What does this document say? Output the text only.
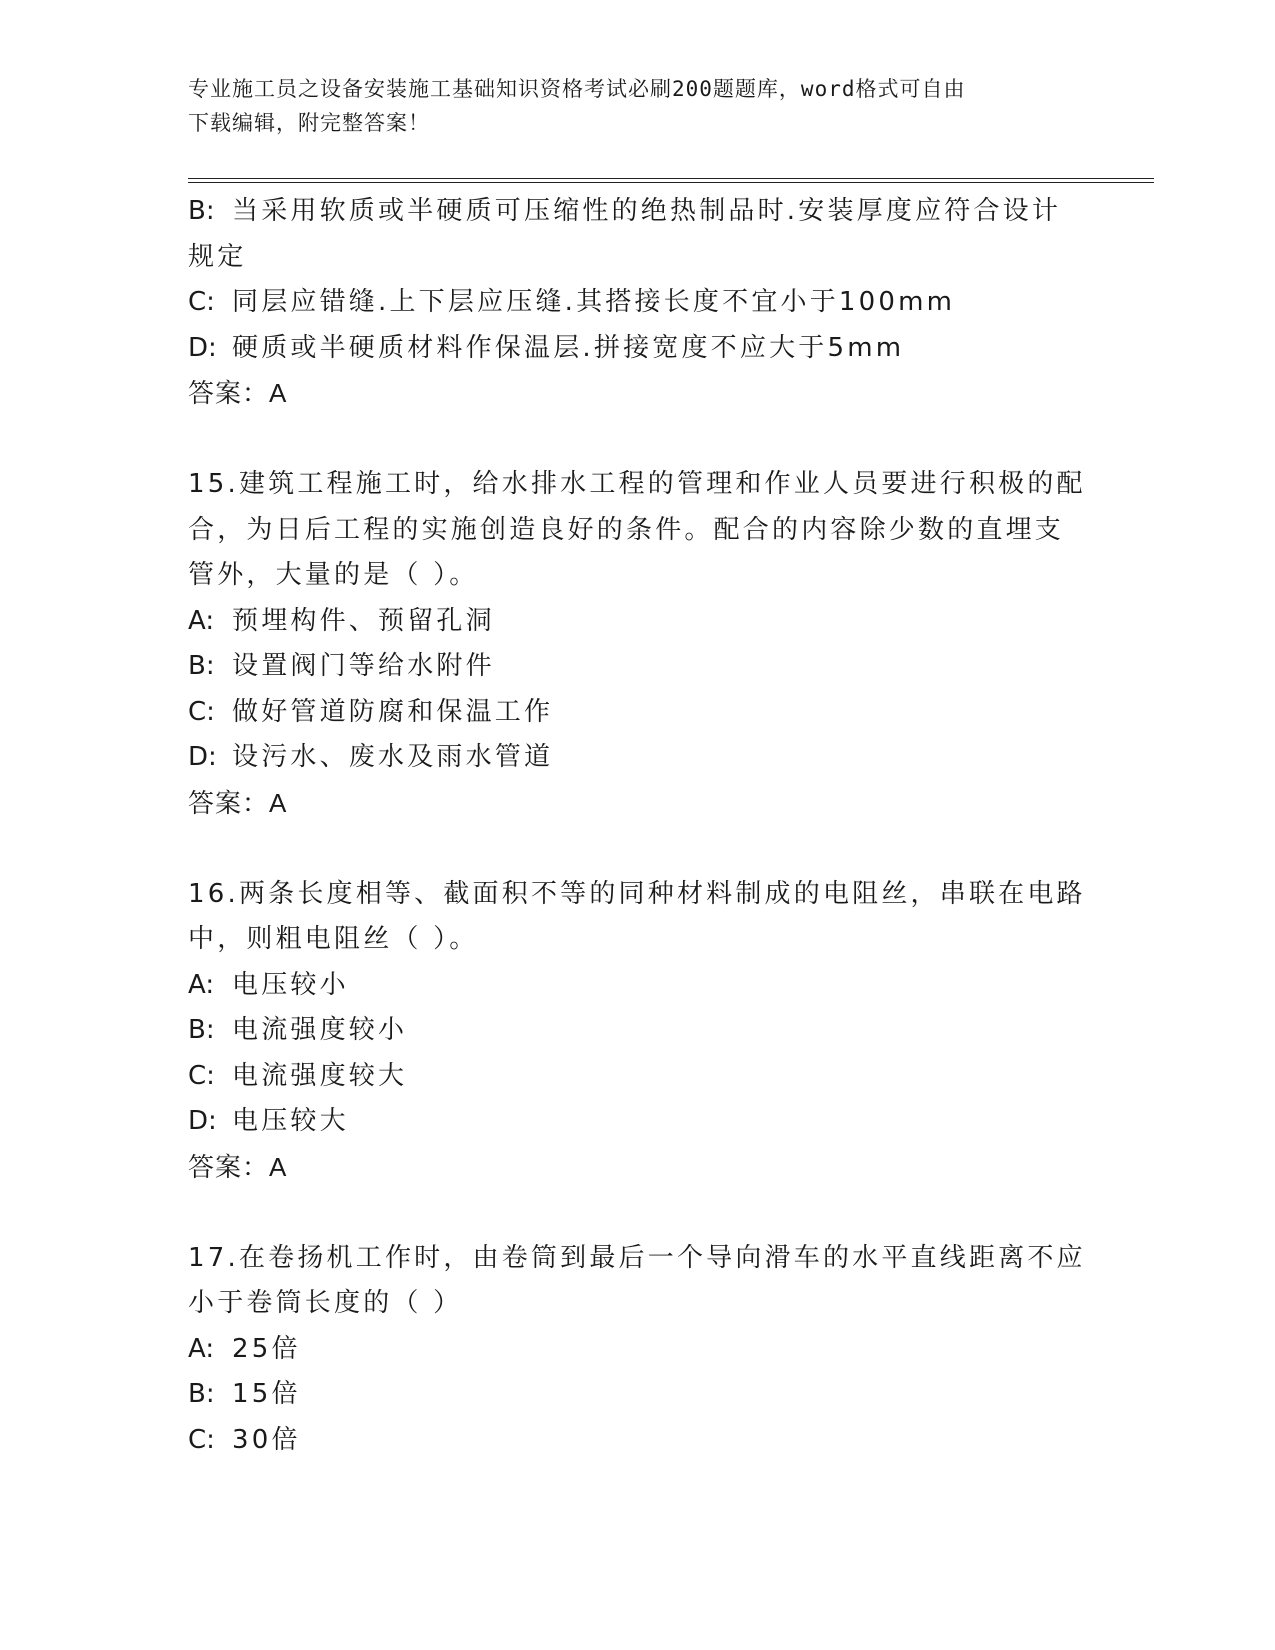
专业施工员之设备安装施工基础知识资格考试必刷200题题库，word格式可自由
下载编辑，附完整答案！
B: 当采用软质或半硬质可压缩性的绝热制品时.安装厚度应符合设计
规定
C: 同层应错缝.上下层应压缝.其搭接长度不宜小于100mm
D: 硬质或半硬质材料作保温层.拼接宽度不应大于5mm
答案：A
15.建筑工程施工时，给水排水工程的管理和作业人员要进行积极的配
合，为日后工程的实施创造良好的条件。配合的内容除少数的直埋支
管外，大量的是（ ）。
A: 预埋构件、预留孔洞
B: 设置阀门等给水附件
C: 做好管道防腐和保温工作
D: 设污水、废水及雨水管道
答案：A
16.两条长度相等、截面积不等的同种材料制成的电阻丝，串联在电路
中，则粗电阻丝（ ）。
A: 电压较小
B: 电流强度较小
C: 电流强度较大
D: 电压较大
答案：A
17.在卷扬机工作时，由卷筒到最后一个导向滑车的水平直线距离不应
小于卷筒长度的（ ）
A: 25倍
B: 15倍
C: 30倍
